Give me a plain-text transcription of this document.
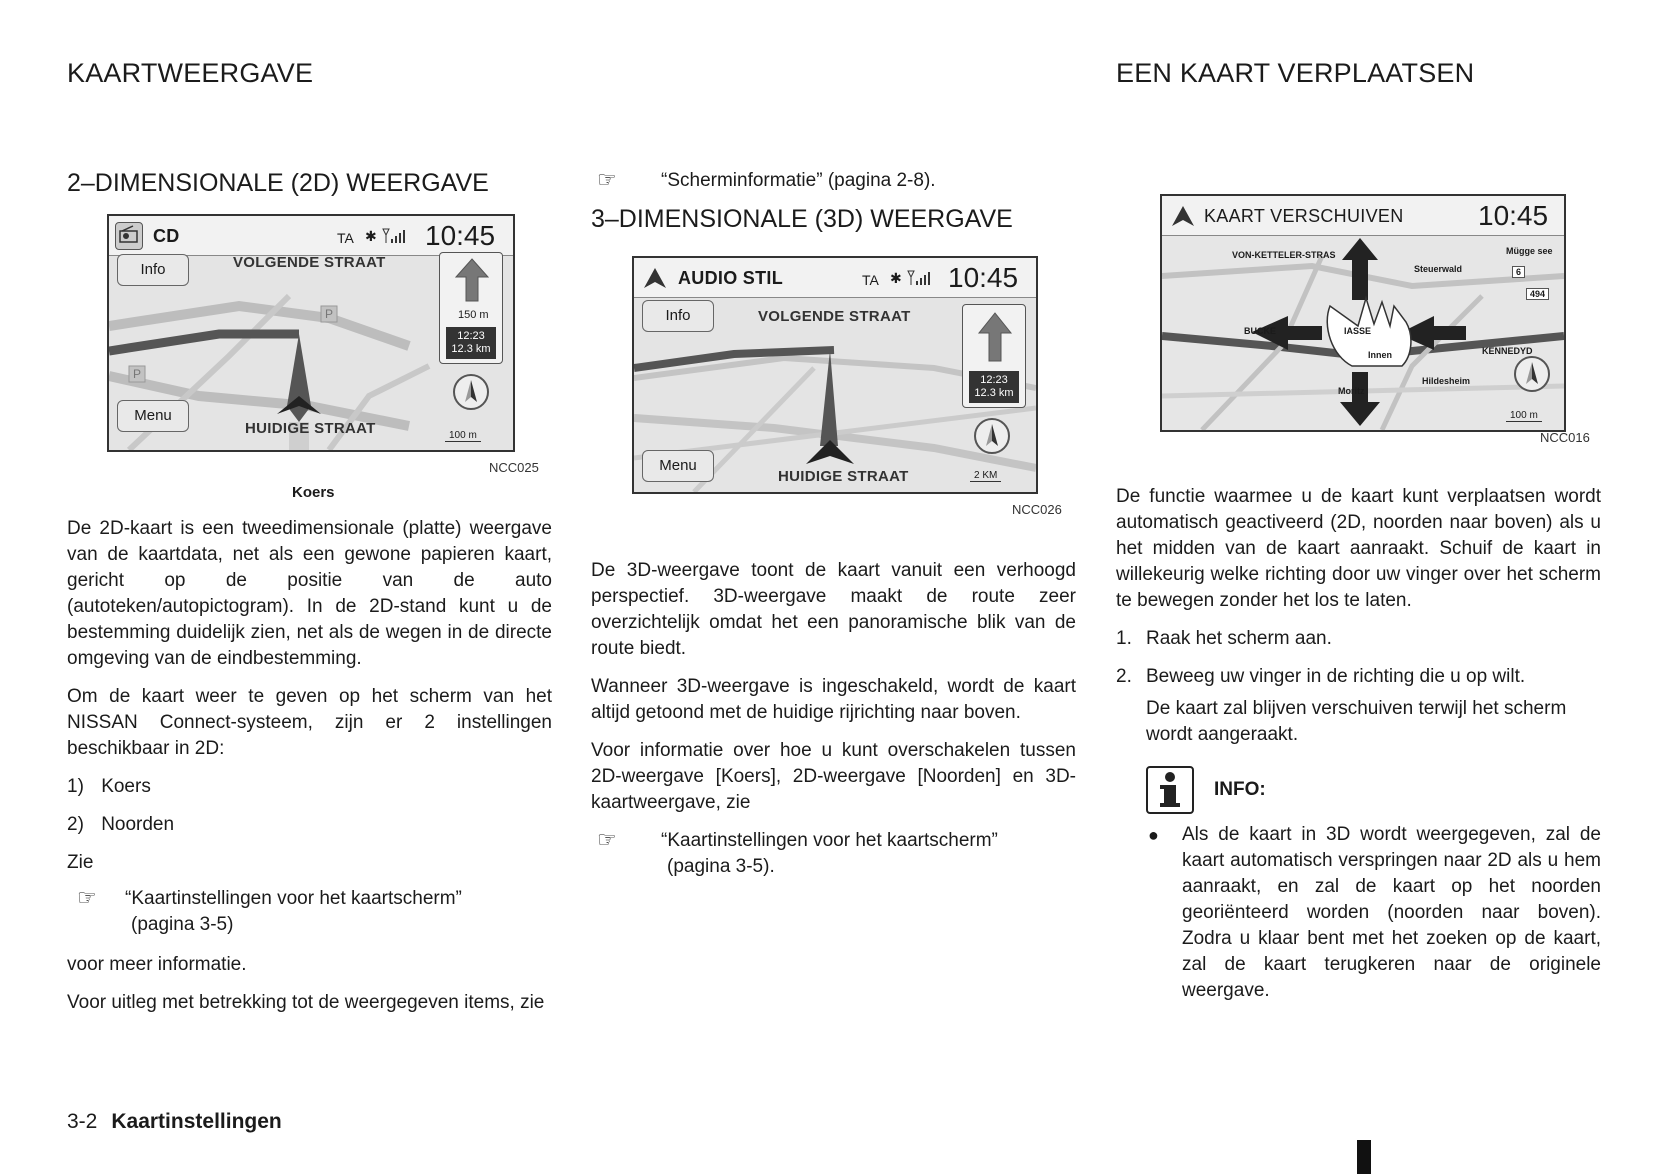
KAARTWEERGAVE	EEN KAART VERPLAATSEN
2–DIMENSIONALE (2D) WEERGAVE
CD	TA ✱ 10:45
P
P
Info
Menu
VOLGENDE STRAAT
HUIDIGE STRAAT
150 m
12:23
12.3 km
100 m
NCC025
Koers

De 2D-kaart is een tweedimensionale (platte) weergave van de kaartdata, net als een gewone papieren kaart, gericht op de positie van de auto (autoteken/autopictogram). In de 2D-stand kunt u de bestemming duidelijk zien, net als de wegen in de directe omgeving van de eindbestemming.

Om de kaart weer te geven op het scherm van het NISSAN Connect-systeem, zijn er 2 instellingen beschikbaar in 2D:

1) Koers
2) Noorden
Zie
☞	“Kaartinstellingen voor het kaartscherm”
(pagina 3-5)

voor meer informatie.

Voor uitleg met betrekking tot de weergegeven items, zie

☞	“Scherminformatie” (pagina 2-8).
3–DIMENSIONALE (3D) WEERGAVE
AUDIO STIL	TA ✱ 10:45
Info
Menu
VOLGENDE STRAAT
HUIDIGE STRAAT
12:23
12.3 km
2 KM
NCC026

De 3D-weergave toont de kaart vanuit een verhoogd perspectief. 3D-weergave maakt de route zeer overzichtelijk omdat het een panoramische blik van de route biedt.

Wanneer 3D-weergave is ingeschakeld, wordt de kaart altijd getoond met de huidige rijrichting naar boven.

Voor informatie over hoe u kunt overschakelen tussen 2D-weergave [Koers], 2D-weergave [Noorden] en 3D-kaartweergave, zie

☞	“Kaartinstellingen voor het kaartscherm”
(pagina 3-5).
KAART VERSCHUIVEN	10:45
VON-KETTELER-STRAS
Steuerwald
Mügge see
BUCKE	IASSE
KENNEDYD
Hildesheim
Moritz
Innen
6
494
100 m
NCC016

De functie waarmee u de kaart kunt verplaatsen wordt automatisch geactiveerd (2D, noorden naar boven) als u het midden van de kaart aanraakt. Schuif de kaart in willekeurig welke richting door uw vinger over het scherm te bewegen zonder het los te laten.

1. Raak het scherm aan.
2. Beweeg uw vinger in de richting die u op wilt.

De kaart zal blijven verschuiven terwijl het scherm wordt aangeraakt.

INFO:
●	Als de kaart in 3D wordt weergegeven, zal de kaart automatisch verspringen naar 2D als u hem aanraakt, en zal de kaart op het noorden georiënteerd worden (noorden naar boven). Zodra u klaar bent met het zoeken op de kaart, zal de kaart terugkeren naar de originele weergave.
3-2 Kaartinstellingen
